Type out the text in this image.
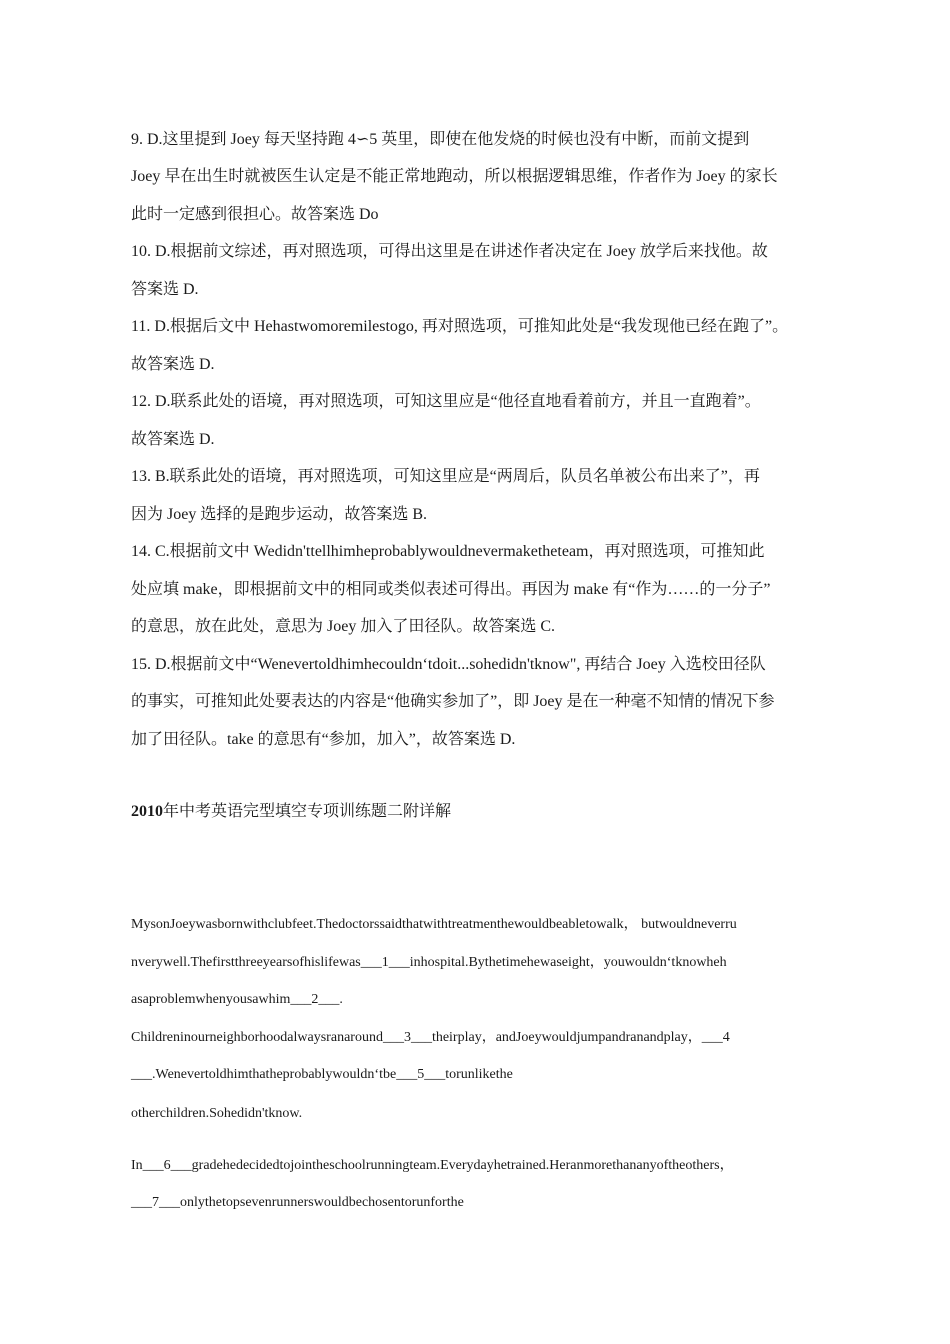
9. D.这里提到 Joey 每天坚持跑 4∽5 英里，即使在他发烧的时候也没有中断，而前文提到
Joey 早在出生时就被医生认定是不能正常地跑动，所以根据逻辑思维，作者作为 Joey 的家长
此时一定感到很担心。故答案选 Do
10. D.根据前文综述，再对照选项，可得出这里是在讲述作者决定在 Joey 放学后来找他。故
答案选 D.
11. D.根据后文中 Hehastwomoremilestogo, 再对照选项，可推知此处是“我发现他已经在跑了”。
故答案选 D.
12. D.联系此处的语境，再对照选项，可知这里应是“他径直地看着前方，并且一直跑着”。
故答案选 D.
13. B.联系此处的语境，再对照选项，可知这里应是“两周后，队员名单被公布出来了”，再
因为 Joey 选择的是跑步运动，故答案选 B.
14. C.根据前文中 Wedidn'ttellhimheprobablywouldnevermaketheteam，再对照选项，可推知此
处应填 make，即根据前文中的相同或类似表述可得出。再因为 make 有“作为……的一分子”
的意思，放在此处，意思为 Joey 加入了田径队。故答案选 C.
15. D.根据前文中“Wenevertoldhimhecouldn‘tdoit...sohedidn'tknow", 再结合 Joey 入选校田径队
的事实，可推知此处要表达的内容是“他确实参加了”，即 Joey 是在一种毫不知情的情况下参
加了田径队。take 的意思有“参加，加入”，故答案选 D.
2010年中考英语完型填空专项训练题二附详解
MysonJoeywasbornwithclubfeet.Thedoctorssaidthatwithtreatmenthewouldbeabletowalk， butwouldneverru
nverywell.Thefirstthreeyearsofhislifewas___1___inhospital.Bythetimehewaseight，youwouldn‘tknowheh
asaproblemwhenyousawhim___2___.
Childreninourneighborhoodalwaysranaround___3___theirplay，andJoeywouldjumpandranandplay，___4
___.Wenevertoldhimthatheprobablywouldn‘tbe___5___torunlikethe
otherchildren.Sohedidn'tknow.
In___6___gradehedecidedtojointheschoolrunningteam.Everydayhetrained.Heranmorethananyoftheothers，
___7___onlythetopsevenrunnerswouldbechosentorunforthe
